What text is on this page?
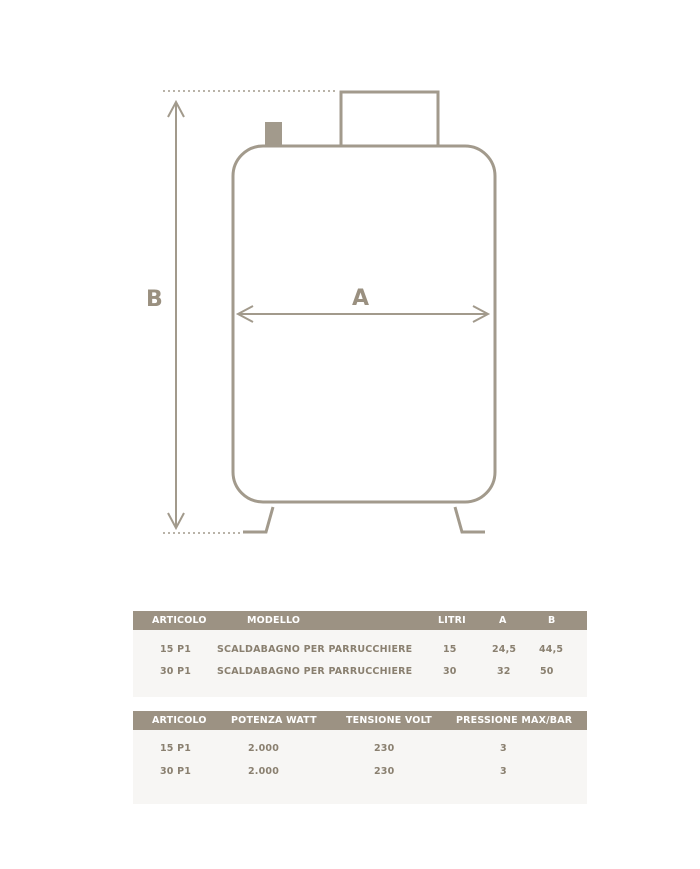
B	A
ARTICOLO	MODELLO	LITRI	A	B
15 P1	SCALDABAGNO PER PARRUCCHIERE	15	24,5 44,5
30 P1	SCALDABAGNO PER PARRUCCHIERE	30	32	50
ARTICOLO	POTENZA WATT	TENSIONE VOLT	PRESSIONE MAX/BAR
15 P1	2.000	230	3
30 P1	2.000	230	3
